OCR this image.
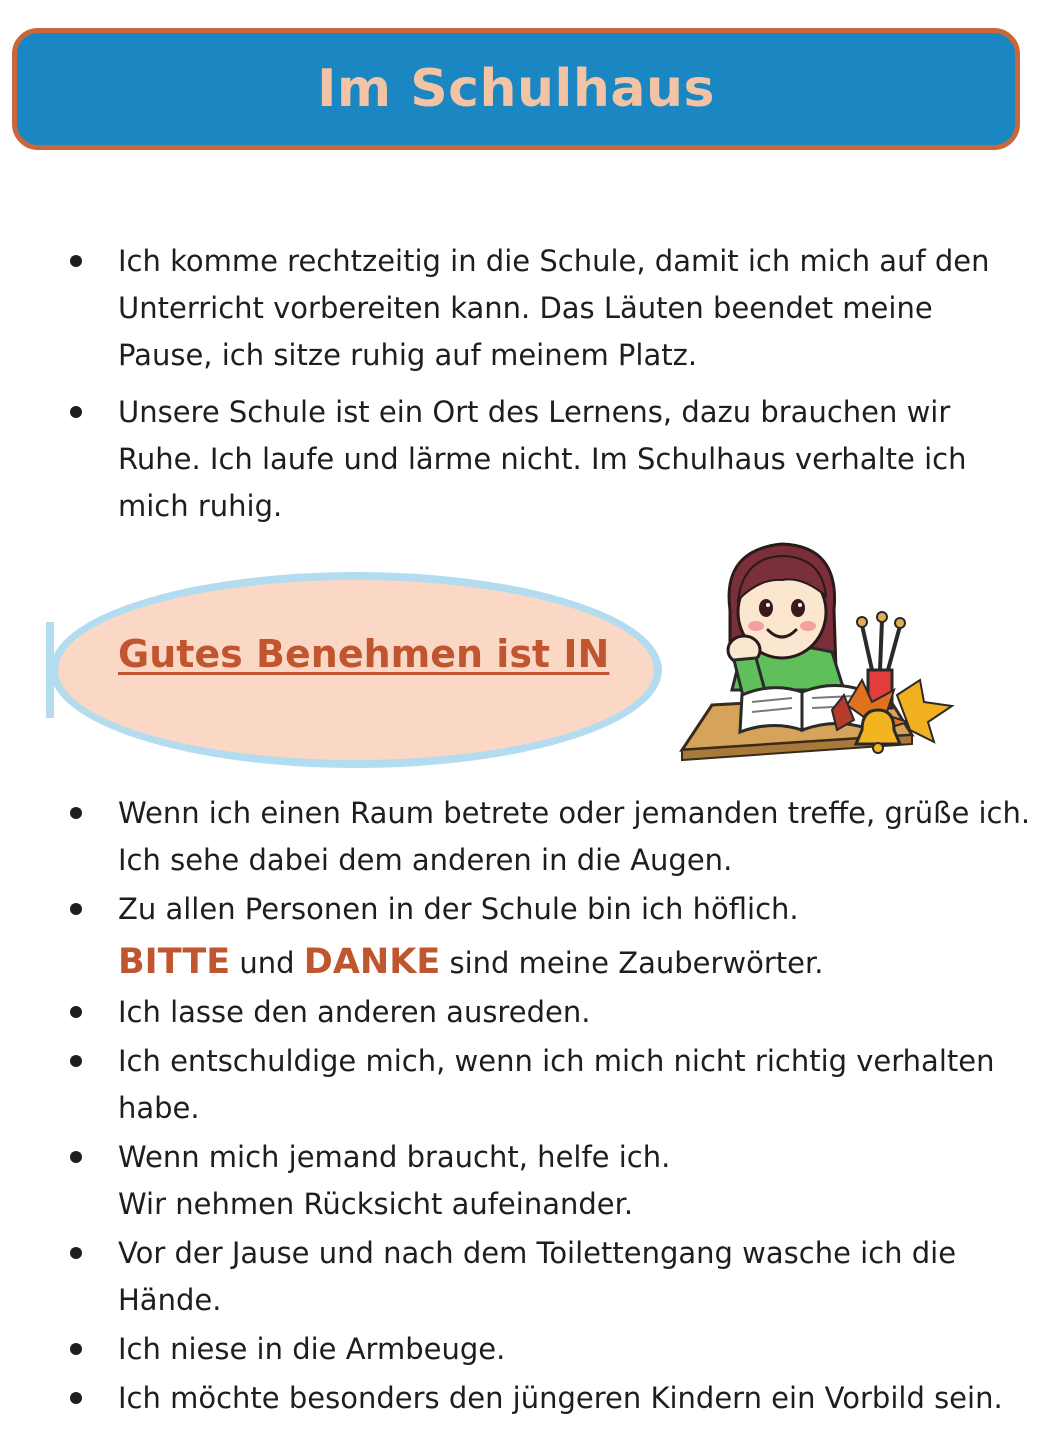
Im Schulhaus
Ich komme rechtzeitig in die Schule, damit ich mich auf den Unterricht vorbereiten kann. Das Läuten beendet meine Pause, ich sitze ruhig auf meinem Platz.
Unsere Schule ist ein Ort des Lernens, dazu brauchen wir Ruhe. Ich laufe und lärme nicht. Im Schulhaus verhalte ich mich ruhig.
Gutes Benehmen ist IN
Wenn ich einen Raum betrete oder jemanden treffe, grüße ich. Ich sehe dabei dem anderen in die Augen.
Zu allen Personen in der Schule bin ich höflich.
BITTE und DANKE sind meine Zauberwörter.
Ich lasse den anderen ausreden.
Ich entschuldige mich, wenn ich mich nicht richtig verhalten habe.
Wenn mich jemand braucht, helfe ich.
Wir nehmen Rücksicht aufeinander.
Vor der Jause und nach dem Toilettengang wasche ich die Hände.
Ich niese in die Armbeuge.
Ich möchte besonders den jüngeren Kindern ein Vorbild sein.
